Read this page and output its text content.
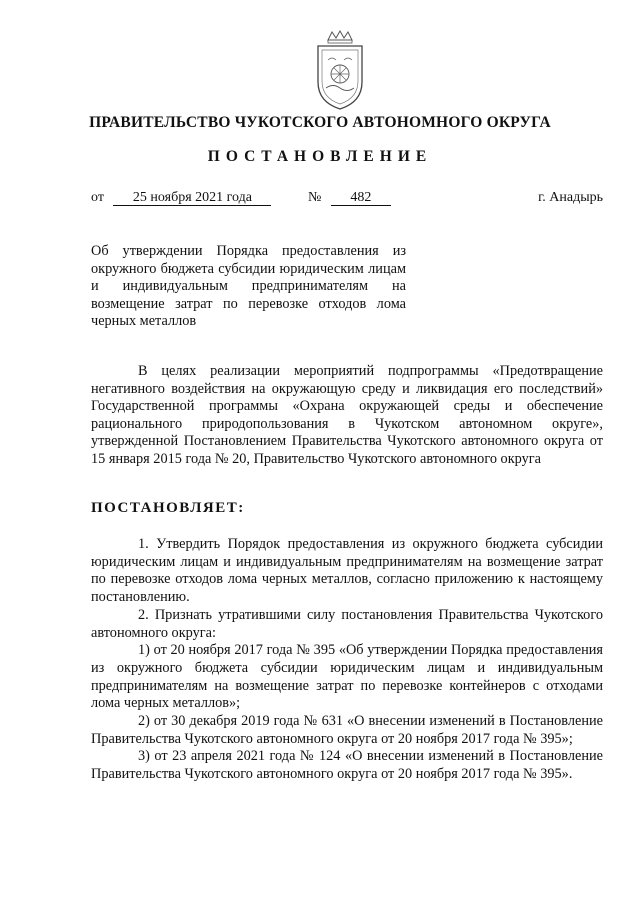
ПРАВИТЕЛЬСТВО ЧУКОТСКОГО АВТОНОМНОГО ОКРУГА
ПОСТАНОВЛЕНИЕ
от 25 ноября 2021 года	№ 482	г. Анадырь
Об утверждении Порядка предоставления из окружного бюджета субсидии юридическим лицам и индивидуальным предпринимателям на возмещение затрат по перевозке отходов лома черных металлов

В целях реализации мероприятий подпрограммы «Предотвращение негативного воздействия на окружающую среду и ликвидация его последствий» Государственной программы «Охрана окружающей среды и обеспечение рационального природопользования в Чукотском автономном округе», утвержденной Постановлением Правительства Чукотского автономного округа от 15 января 2015 года № 20, Правительство Чукотского автономного округа

ПОСТАНОВЛЯЕТ:

1. Утвердить Порядок предоставления из окружного бюджета субсидии юридическим лицам и индивидуальным предпринимателям на возмещение затрат по перевозке отходов лома черных металлов, согласно приложению к настоящему постановлению.

2. Признать утратившими силу постановления Правительства Чукотского автономного округа:

1) от 20 ноября 2017 года № 395 «Об утверждении Порядка предоставления из окружного бюджета субсидии юридическим лицам и индивидуальным предпринимателям на возмещение затрат по перевозке контейнеров с отходами лома черных металлов»;

2) от 30 декабря 2019 года № 631 «О внесении изменений в Постановление Правительства Чукотского автономного округа от 20 ноября 2017 года № 395»;

3) от 23 апреля 2021 года № 124 «О внесении изменений в Постановление Правительства Чукотского автономного округа от 20 ноября 2017 года № 395».
